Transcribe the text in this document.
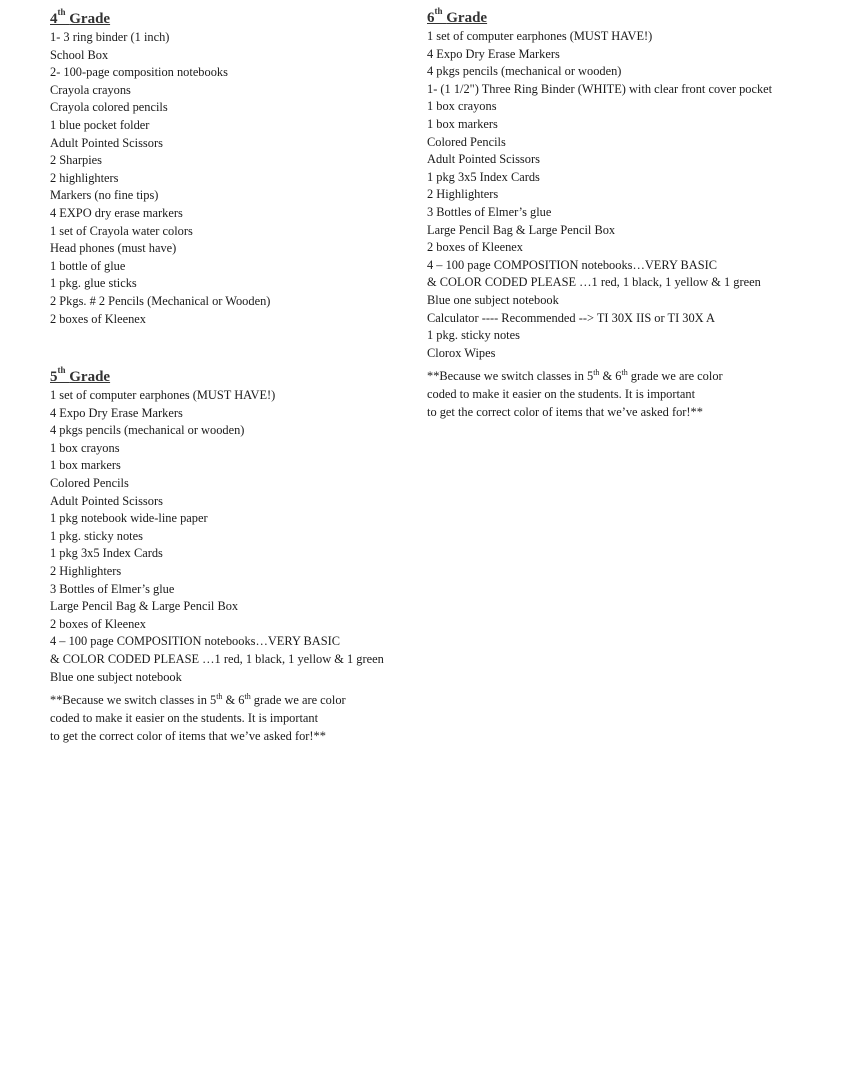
4th Grade
1- 3 ring binder (1 inch)
School Box
2- 100-page composition notebooks
Crayola crayons
Crayola colored pencils
1 blue pocket folder
Adult Pointed Scissors
2 Sharpies
2 highlighters
Markers (no fine tips)
4 EXPO dry erase markers
1 set of Crayola water colors
Head phones (must have)
1 bottle of glue
1 pkg. glue sticks
2 Pkgs. # 2 Pencils (Mechanical or Wooden)
2 boxes of Kleenex
5th Grade
1 set of computer earphones (MUST HAVE!)
4 Expo Dry Erase Markers
4 pkgs pencils (mechanical or wooden)
1 box crayons
1 box markers
Colored Pencils
Adult Pointed Scissors
1 pkg notebook wide-line paper
1 pkg. sticky notes
1 pkg 3x5 Index Cards
2 Highlighters
3 Bottles of Elmer’s glue
Large Pencil Bag & Large Pencil Box
2 boxes of Kleenex
4 – 100 page COMPOSITION notebooks…VERY BASIC
& COLOR CODED PLEASE …1 red, 1 black, 1 yellow & 1 green
Blue one subject notebook

**Because we switch classes in 5th & 6th grade we are color

coded to make it easier on the students. It is important

to get the correct color of items that we’ve asked for!**

6th Grade
1 set of computer earphones (MUST HAVE!)
4 Expo Dry Erase Markers
4 pkgs pencils (mechanical or wooden)
1- (1 1/2") Three Ring Binder (WHITE) with clear front cover pocket
1 box crayons
1 box markers
Colored Pencils
Adult Pointed Scissors
1 pkg 3x5 Index Cards
2 Highlighters
3 Bottles of Elmer’s glue
Large Pencil Bag & Large Pencil Box
2 boxes of Kleenex
4 – 100 page COMPOSITION notebooks…VERY BASIC
& COLOR CODED PLEASE …1 red, 1 black, 1 yellow & 1 green
Blue one subject notebook
Calculator ---- Recommended --> TI 30X IIS or TI 30X A
1 pkg. sticky notes
Clorox Wipes

**Because we switch classes in 5th & 6th grade we are color

coded to make it easier on the students. It is important

to get the correct color of items that we’ve asked for!**
